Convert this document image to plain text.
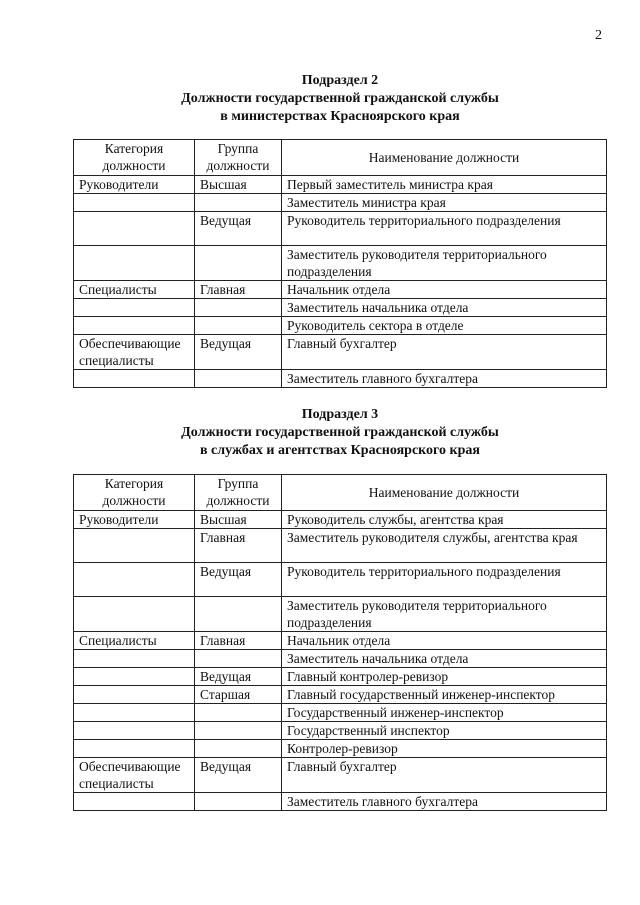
2
Подраздел 2
Должности государственной гражданской службы
в министерствах Красноярского края
Категория должности	Группа должности	Наименование должности
Руководители	Высшая	Первый заместитель министра края
		Заместитель министра края
	Ведущая	Руководитель территориального подразделения
		Заместитель руководителя территориального подразделения
Специалисты	Главная	Начальник отдела
		Заместитель начальника отдела
		Руководитель сектора в отделе
Обеспечивающие специалисты	Ведущая	Главный бухгалтер
		Заместитель главного бухгалтера
Подраздел 3
Должности государственной гражданской службы
в службах и агентствах Красноярского края
Категория должности	Группа должности	Наименование должности
Руководители	Высшая	Руководитель службы, агентства края
	Главная	Заместитель руководителя службы, агентства края
	Ведущая	Руководитель территориального подразделения
		Заместитель руководителя территориального подразделения
Специалисты	Главная	Начальник отдела
		Заместитель начальника отдела
	Ведущая	Главный контролер-ревизор
	Старшая	Главный государственный инженер-инспектор
		Государственный инженер-инспектор
		Государственный инспектор
		Контролер-ревизор
Обеспечивающие специалисты	Ведущая	Главный бухгалтер
		Заместитель главного бухгалтера
